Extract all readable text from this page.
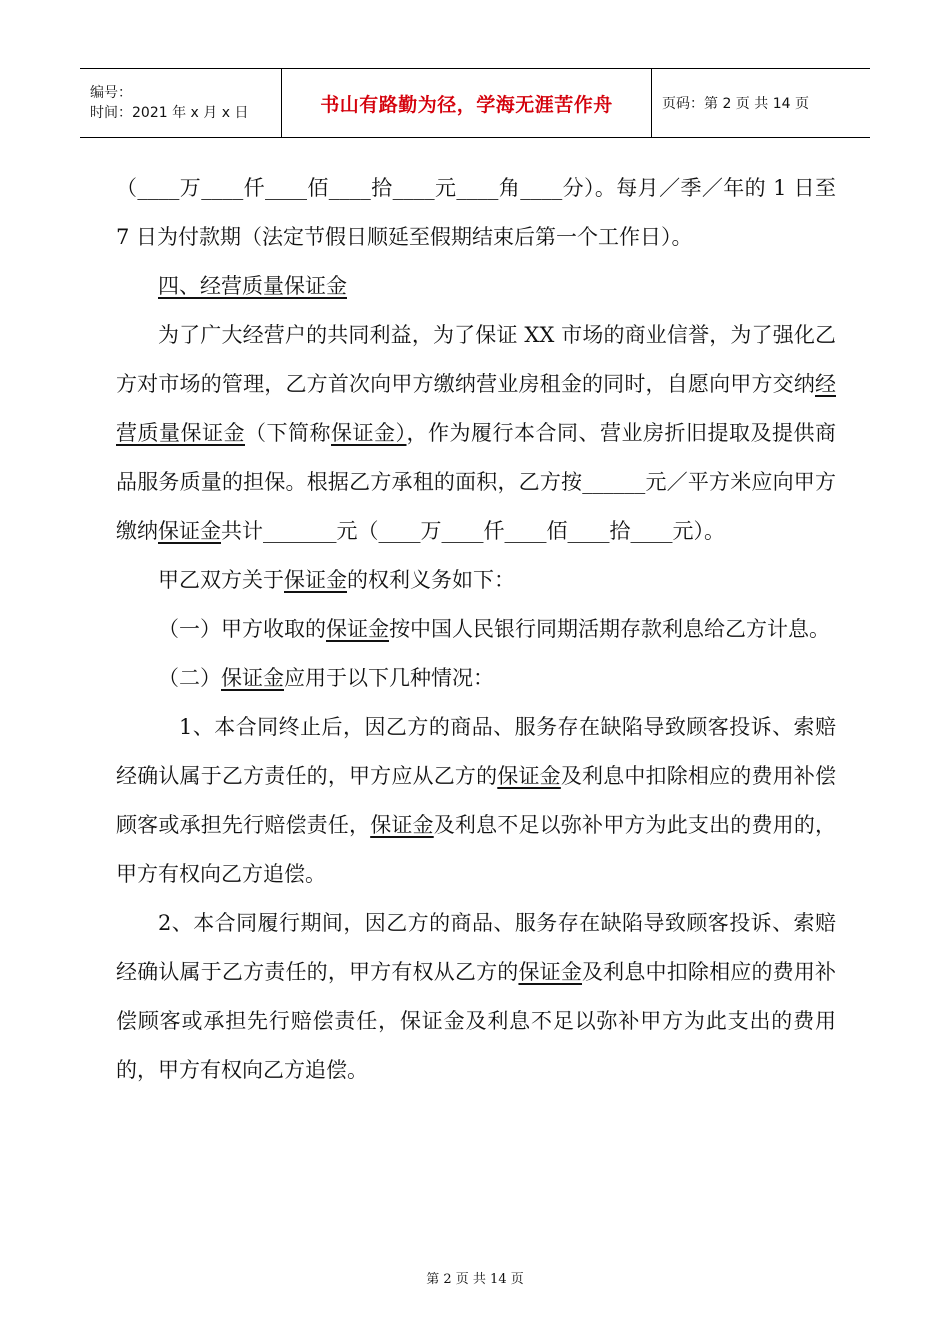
编号：
时间：2021 年 x 月 x 日	书山有路勤为径，学海无涯苦作舟	页码：第 2 页 共 14 页

（____万____仟____佰____拾____元____角____分）。每月／季／年的 1 日至 7 日为付款期（法定节假日顺延至假期结束后第一个工作日）。

四、经营质量保证金

为了广大经营户的共同利益，为了保证 XX 市场的商业信誉，为了强化乙方对市场的管理，乙方首次向甲方缴纳营业房租金的同时，自愿向甲方交纳经营质量保证金（下简称保证金），作为履行本合同、营业房折旧提取及提供商品服务质量的担保。根据乙方承租的面积，乙方按______元／平方米应向甲方缴纳保证金共计_______元（____万____仟____佰____拾____元）。

甲乙双方关于保证金的权利义务如下：

（一）甲方收取的保证金按中国人民银行同期活期存款利息给乙方计息。

（二）保证金应用于以下几种情况：

1、本合同终止后，因乙方的商品、服务存在缺陷导致顾客投诉、索赔经确认属于乙方责任的，甲方应从乙方的保证金及利息中扣除相应的费用补偿顾客或承担先行赔偿责任，保证金及利息不足以弥补甲方为此支出的费用的，甲方有权向乙方追偿。

2、本合同履行期间，因乙方的商品、服务存在缺陷导致顾客投诉、索赔经确认属于乙方责任的，甲方有权从乙方的保证金及利息中扣除相应的费用补偿顾客或承担先行赔偿责任，保证金及利息不足以弥补甲方为此支出的费用的，甲方有权向乙方追偿。

第 2 页 共 14 页
